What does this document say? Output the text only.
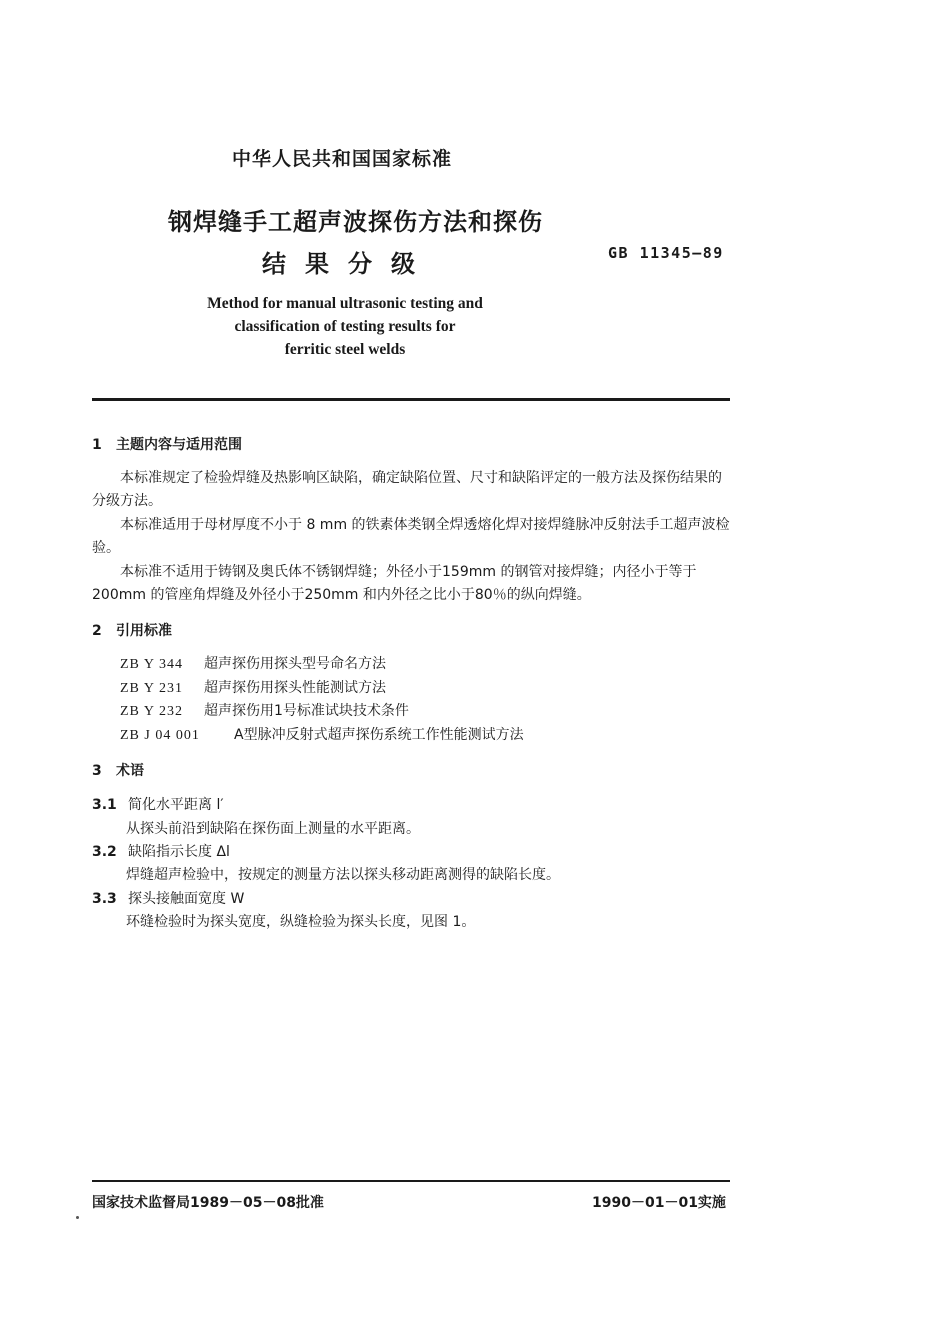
中华人民共和国国家标准
钢焊缝手工超声波探伤方法和探伤
结果分级	GB 11345—89
Method for manual ultrasonic testing and
classification of testing results for
ferritic steel welds
1 主题内容与适用范围
本标准规定了检验焊缝及热影响区缺陷，确定缺陷位置、尺寸和缺陷评定的一般方法及探伤结果的分级方法。
本标准适用于母材厚度不小于 8 mm 的铁素体类钢全焊透熔化焊对接焊缝脉冲反射法手工超声波检验。
本标准不适用于铸钢及奥氏体不锈钢焊缝；外径小于159mm 的钢管对接焊缝；内径小于等于200mm 的管座角焊缝及外径小于250mm 和内外径之比小于80％的纵向焊缝。
2 引用标准
ZB Y 344 超声探伤用探头型号命名方法
ZB Y 231 超声探伤用探头性能测试方法
ZB Y 232 超声探伤用1号标准试块技术条件
ZB J 04 001 A型脉冲反射式超声探伤系统工作性能测试方法
3 术语
3.1 简化水平距离 l′
从探头前沿到缺陷在探伤面上测量的水平距离。
3.2 缺陷指示长度 Δl
焊缝超声检验中，按规定的测量方法以探头移动距离测得的缺陷长度。
3.3 探头接触面宽度 W
环缝检验时为探头宽度，纵缝检验为探头长度，见图 1。
国家技术监督局1989－05－08批准	1990－01－01实施
